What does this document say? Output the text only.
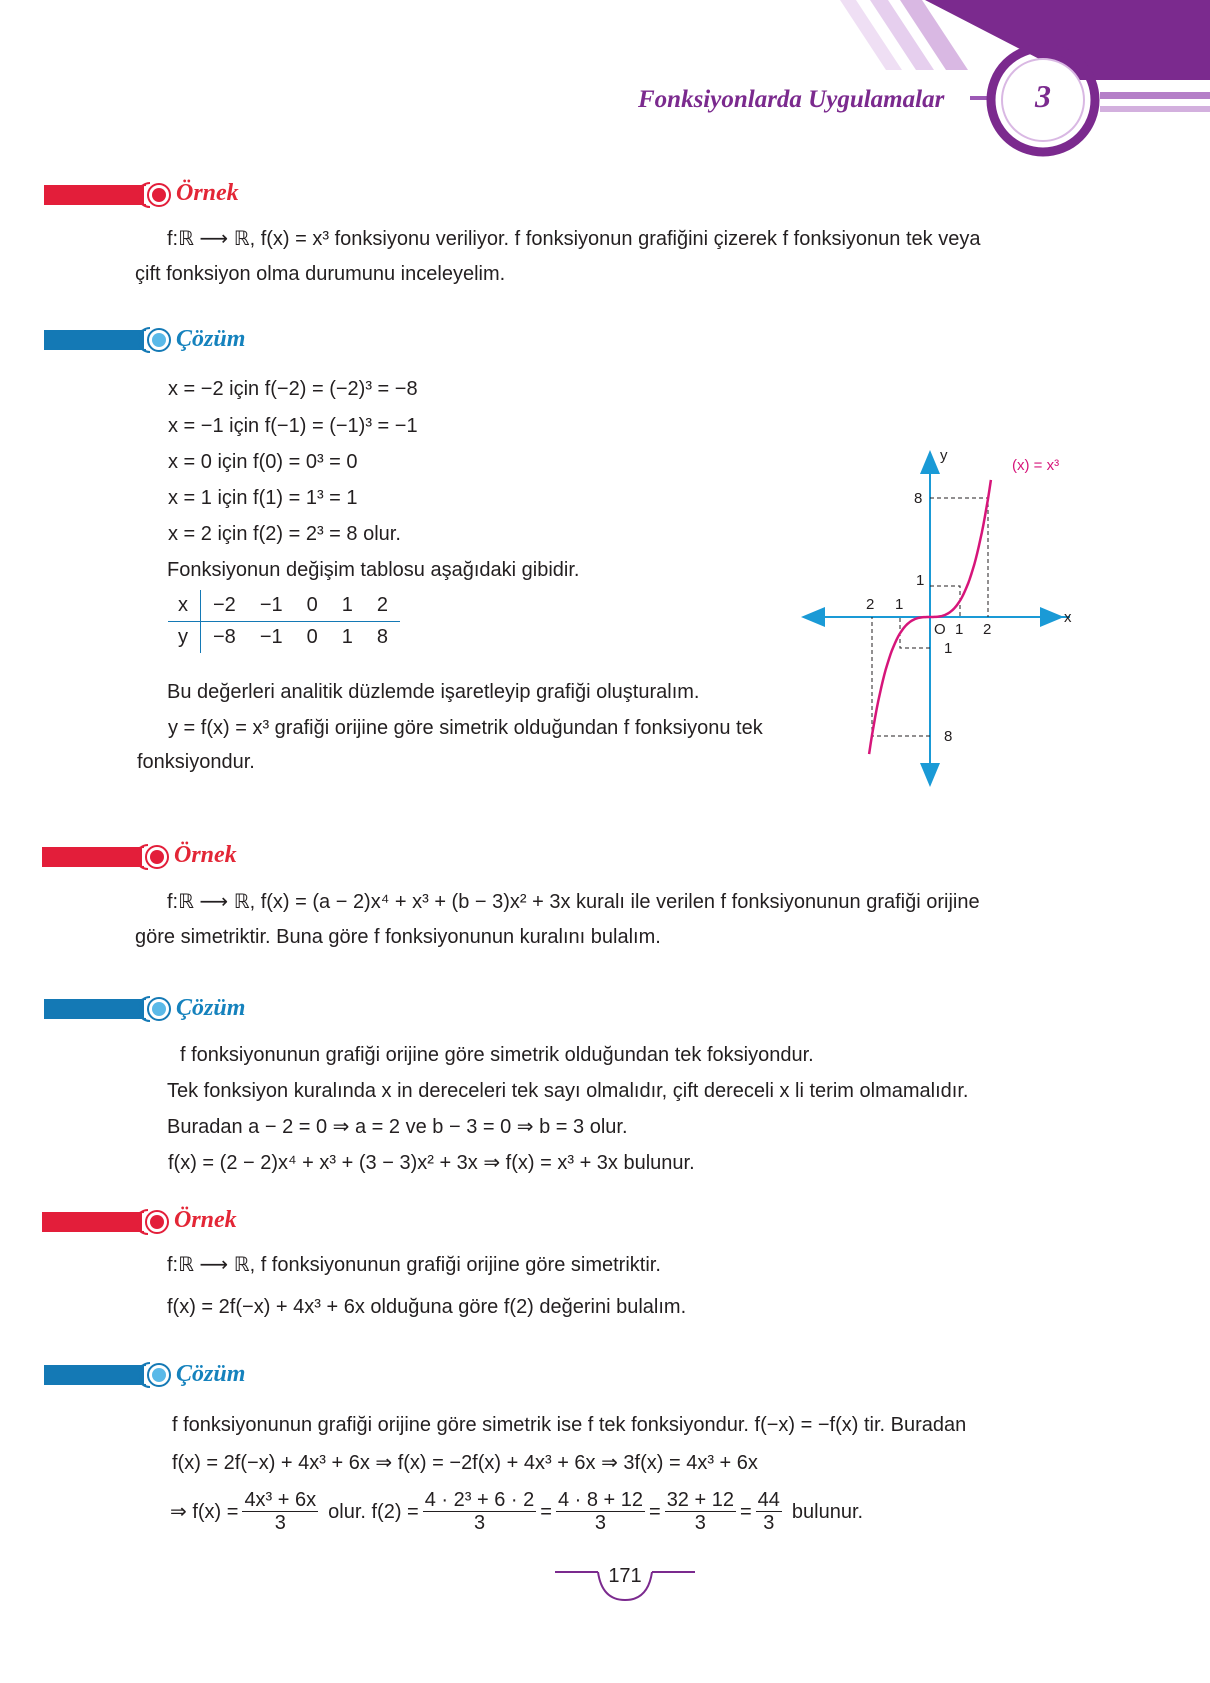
Fonksiyonlarda Uygulamalar	3
Örnek
f:ℝ ⟶ ℝ, f(x) = x³ fonksiyonu veriliyor. f fonksiyonun grafiğini çizerek f fonksiyonun tek veya
çift fonksiyon olma durumunu inceleyelim.
Çözüm
x = −2 için f(−2) = (−2)³ = −8
x = −1 için f(−1) = (−1)³ = −1
x = 0 için f(0) = 0³ = 0
x = 1 için f(1) = 1³ = 1
x = 2 için f(2) = 2³ = 8 olur.
Fonksiyonun değişim tablosu aşağıdaki gibidir.
x	−2	−1	0	1	2
y	−8	−1	0	1	8
Bu değerleri analitik düzlemde işaretleyip grafiği oluşturalım.
y = f(x) = x³ grafiği orijine göre simetrik olduğundan f fonksiyonu tek
fonksiyondur.
x
y
O
(x) = x³
2 1
1 2
8
1
1
8
Örnek
f:ℝ ⟶ ℝ, f(x) = (a − 2)x⁴ + x³ + (b − 3)x² + 3x kuralı ile verilen f fonksiyonunun grafiği orijine
göre simetriktir. Buna göre f fonksiyonunun kuralını bulalım.
Çözüm
f fonksiyonunun grafiği orijine göre simetrik olduğundan tek foksiyondur.
Tek fonksiyon kuralında x in dereceleri tek sayı olmalıdır, çift dereceli x li terim olmamalıdır.
Buradan a − 2 = 0 ⇒ a = 2 ve b − 3 = 0 ⇒ b = 3 olur.
f(x) = (2 − 2)x⁴ + x³ + (3 − 3)x² + 3x ⇒ f(x) = x³ + 3x bulunur.
Örnek
f:ℝ ⟶ ℝ, f fonksiyonunun grafiği orijine göre simetriktir.
f(x) = 2f(−x) + 4x³ + 6x olduğuna göre f(2) değerini bulalım.
Çözüm
f fonksiyonunun grafiği orijine göre simetrik ise f tek fonksiyondur. f(−x) = −f(x) tir. Buradan
f(x) = 2f(−x) + 4x³ + 6x ⇒ f(x) = −2f(x) + 4x³ + 6x ⇒ 3f(x) = 4x³ + 6x
⇒ $f(x) = \frac{\text{4x³ + 6x}}{3}$ olur. $f(2) = \frac{\text{4 · 2³ + 6 · 2}}{3} = \frac{4 \cdot 8 + 12}{3} = \frac{32 + 12}{3} = \frac{44}{3}$ bulunur.
171
